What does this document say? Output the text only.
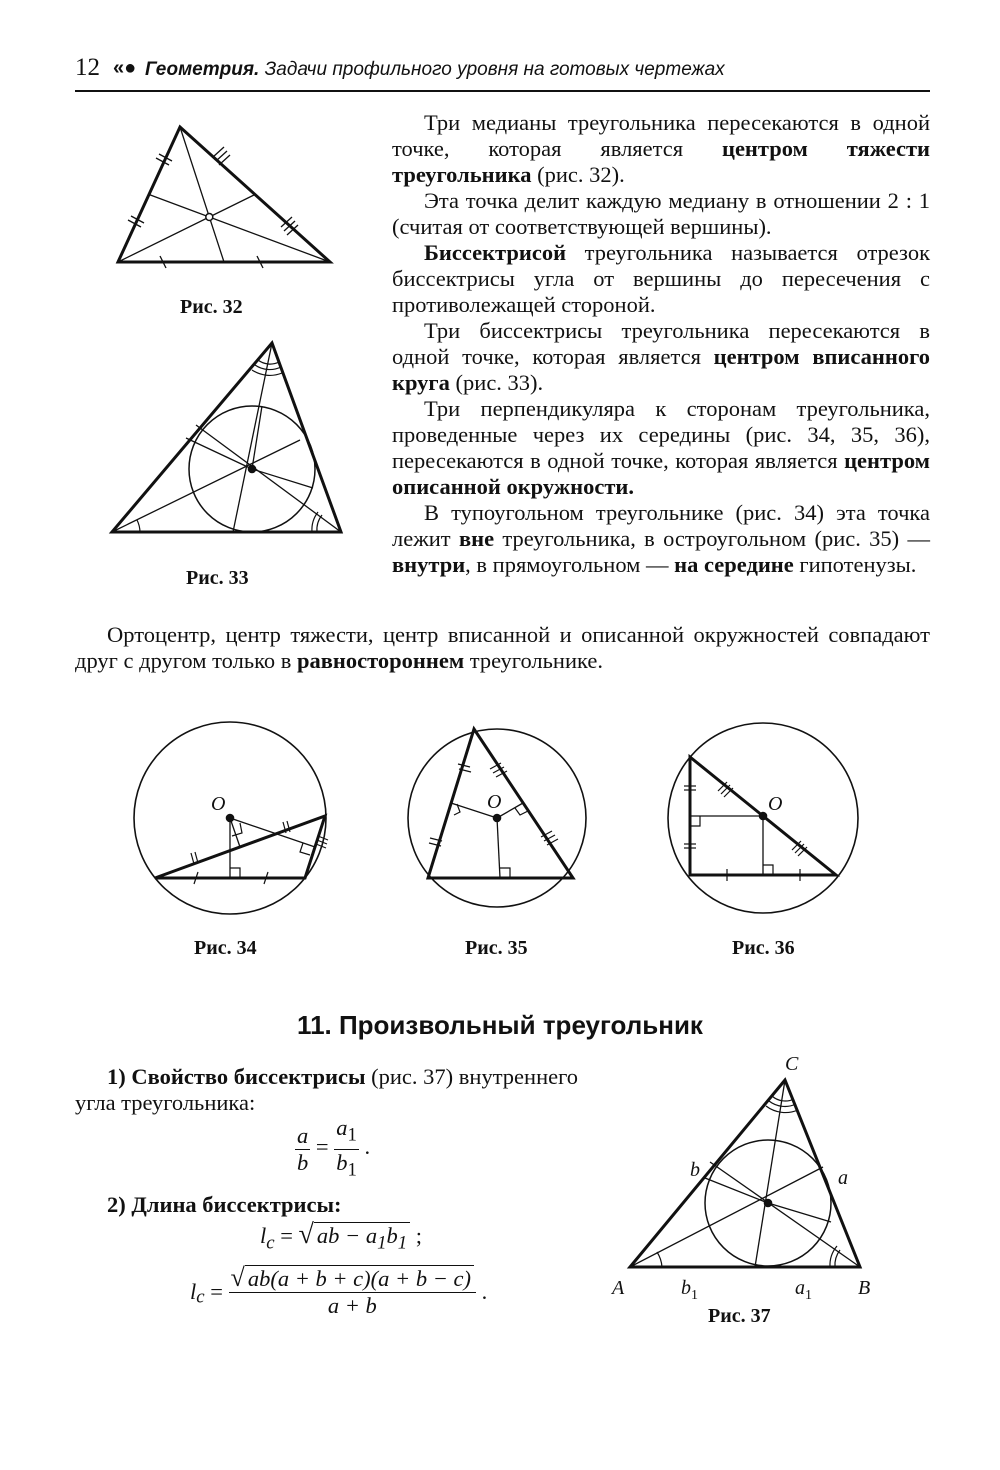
12 «● Геометрия. Задачи профильного уровня на готовых чертежах

Три медианы треугольника пересекаются в одной точке, которая является центром тяжести треугольника (рис. 32).

Эта точка делит каждую медиану в отношении 2 : 1 (считая от соответствующей вершины).

Биссектрисой треугольника называется отрезок биссектрисы угла от вершины до пересечения с противолежащей стороной.

Три биссектрисы треугольника пересекаются в одной точке, которая является центром вписанного круга (рис. 33).

Три перпендикуляра к сторонам треугольника, проведенные через их середины (рис. 34, 35, 36), пересекаются в одной точке, которая является центром описанной окружности.

В тупоугольном треугольнике (рис. 34) эта точка лежит вне треугольника, в остроугольном (рис. 35) — внутри, в прямоугольном — на середине гипотенузы.

Ортоцентр, центр тяжести, центр вписанной и описанной окружностей совпадают друг с другом только в равностороннем треугольнике.

Рис. 32
Рис. 33
O
Рис. 34
O
Рис. 35
O
Рис. 36
11. Произвольный треугольник

1) Свойство биссектрисы (рис. 37) внутреннего угла треугольника:

$\frac{a}{b} = \frac{a_1}{b_1}$ .
2) Длина биссектрисы:
$l_c$ = √ ab − $a_1b_1$ ;
$l_c = \frac{√ ab(a + b + c)(a + b - c)}{a + b}$ .
C
A	B
b	a
$b_1$	$a_1$
Рис. 37
